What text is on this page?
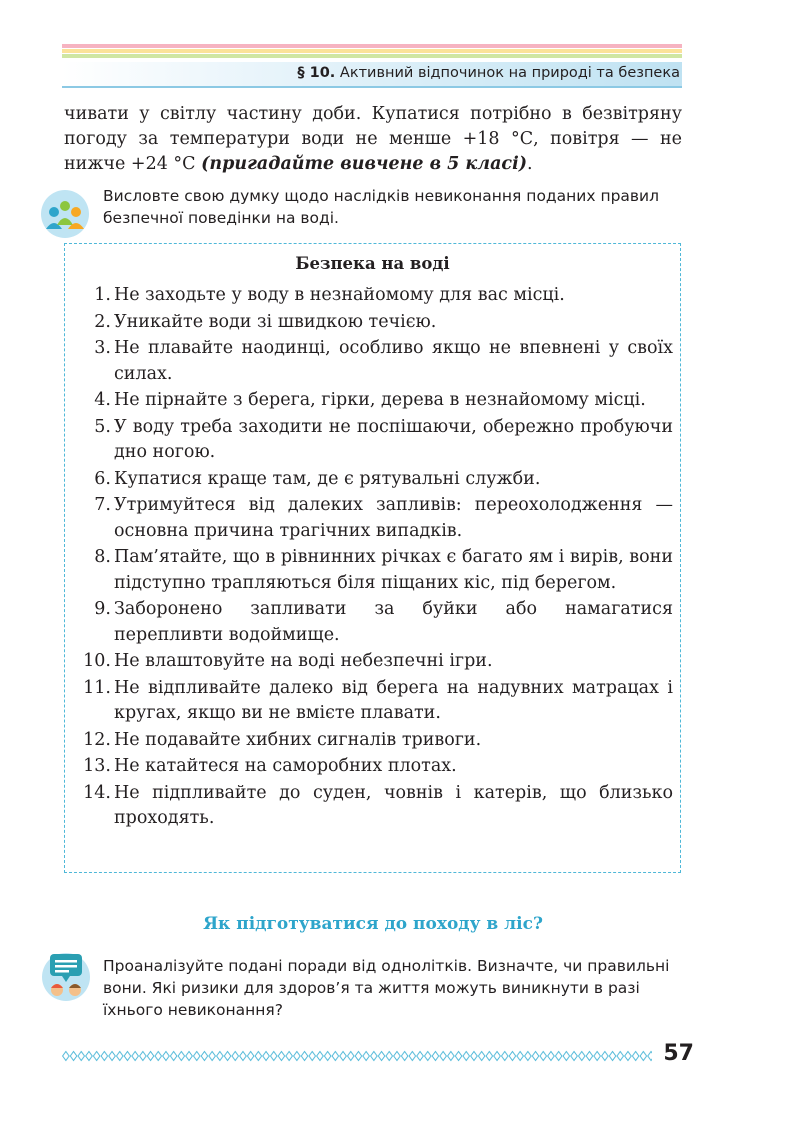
§ 10. Активний відпочинок на природі та безпека
чивати у світлу частину доби. Купатися потрібно в безвітряну погоду за температури води не менше +18 °С, повітря — не нижче +24 °С (пригадайте вивчене в 5 класі).
Висловте свою думку щодо наслідків невиконання поданих правил безпечної поведінки на воді.
Безпека на воді
1. Не заходьте у воду в незнайомому для вас місці.
2. Уникайте води зі швидкою течією.
3. Не плавайте наодинці, особливо якщо не впевнені у своїх силах.
4. Не пірнайте з берега, гірки, дерева в незнайомому місці.
5. У воду треба заходити не поспішаючи, обережно пробуючи дно ногою.
6. Купатися краще там, де є рятувальні служби.
7. Утримуйтеся від далеких запливів: переохолодження — основна причина трагічних випадків.
8. Пам’ятайте, що в рівнинних річках є багато ям і вирів, вони підступно трапляються біля піщаних кіс, під берегом.
9. Заборонено запливати за буйки або намагатися перепливти водоймище.
10. Не влаштовуйте на воді небезпечні ігри.
11. Не відпливайте далеко від берега на надувних матрацах і кругах, якщо ви не вмієте плавати.
12. Не подавайте хибних сигналів тривоги.
13. Не катайтеся на саморобних плотах.
14. Не підпливайте до суден, човнів і катерів, що близько проходять.
Як підготуватися до походу в ліс?
Проаналізуйте подані поради від однолітків. Визначте, чи правильні вони. Які ризики для здоров’я та життя можуть виникнути в разі їхнього невиконання?
57
